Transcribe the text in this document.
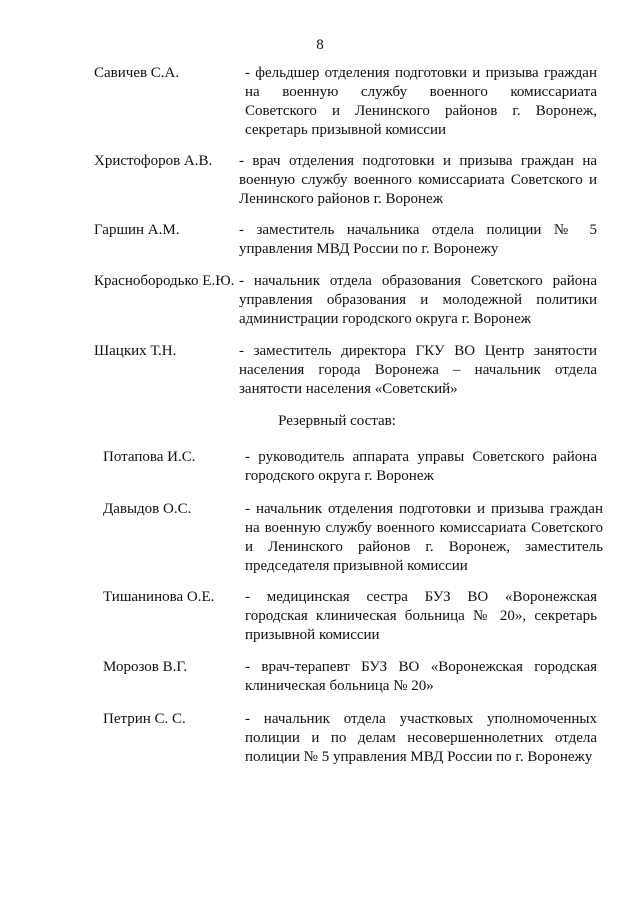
8
Савичев С.А.	- фельдшер отделения подготовки и призыва граждан на военную службу военного комиссариата Советского и Ленинского районов г. Воронеж, секретарь призывной комиссии
Христофоров А.В. - врач отделения подготовки и призыва граждан на военную службу военного комиссариата Советского и Ленинского районов г. Воронеж
Гаршин А.М.	- заместитель начальника отдела полиции № 5 управления МВД России по г. Воронежу
Краснобородько Е.Ю. - начальник отдела образования Советского района управления образования и молодежной политики администрации городского округа г. Воронеж
Шацких Т.Н.	- заместитель директора ГКУ ВО Центр занятости населения города Воронежа – начальник отдела занятости населения «Советский»
Резервный состав:
Потапова И.С.	- руководитель аппарата управы Советского района городского округа г. Воронеж
Давыдов О.С.	- начальник отделения подготовки и призыва граждан на военную службу военного комиссариата Советского и Ленинского районов г. Воронеж, заместитель председателя призывной комиссии
Тишанинова О.Е. - медицинская сестра БУЗ ВО «Воронежская городская клиническая больница № 20», секретарь призывной комиссии
Морозов В.Г.	- врач-терапевт БУЗ ВО «Воронежская городская клиническая больница № 20»
Петрин С. С.	- начальник отдела участковых уполномоченных полиции и по делам несовершеннолетних отдела полиции № 5 управления МВД России по г. Воронежу
